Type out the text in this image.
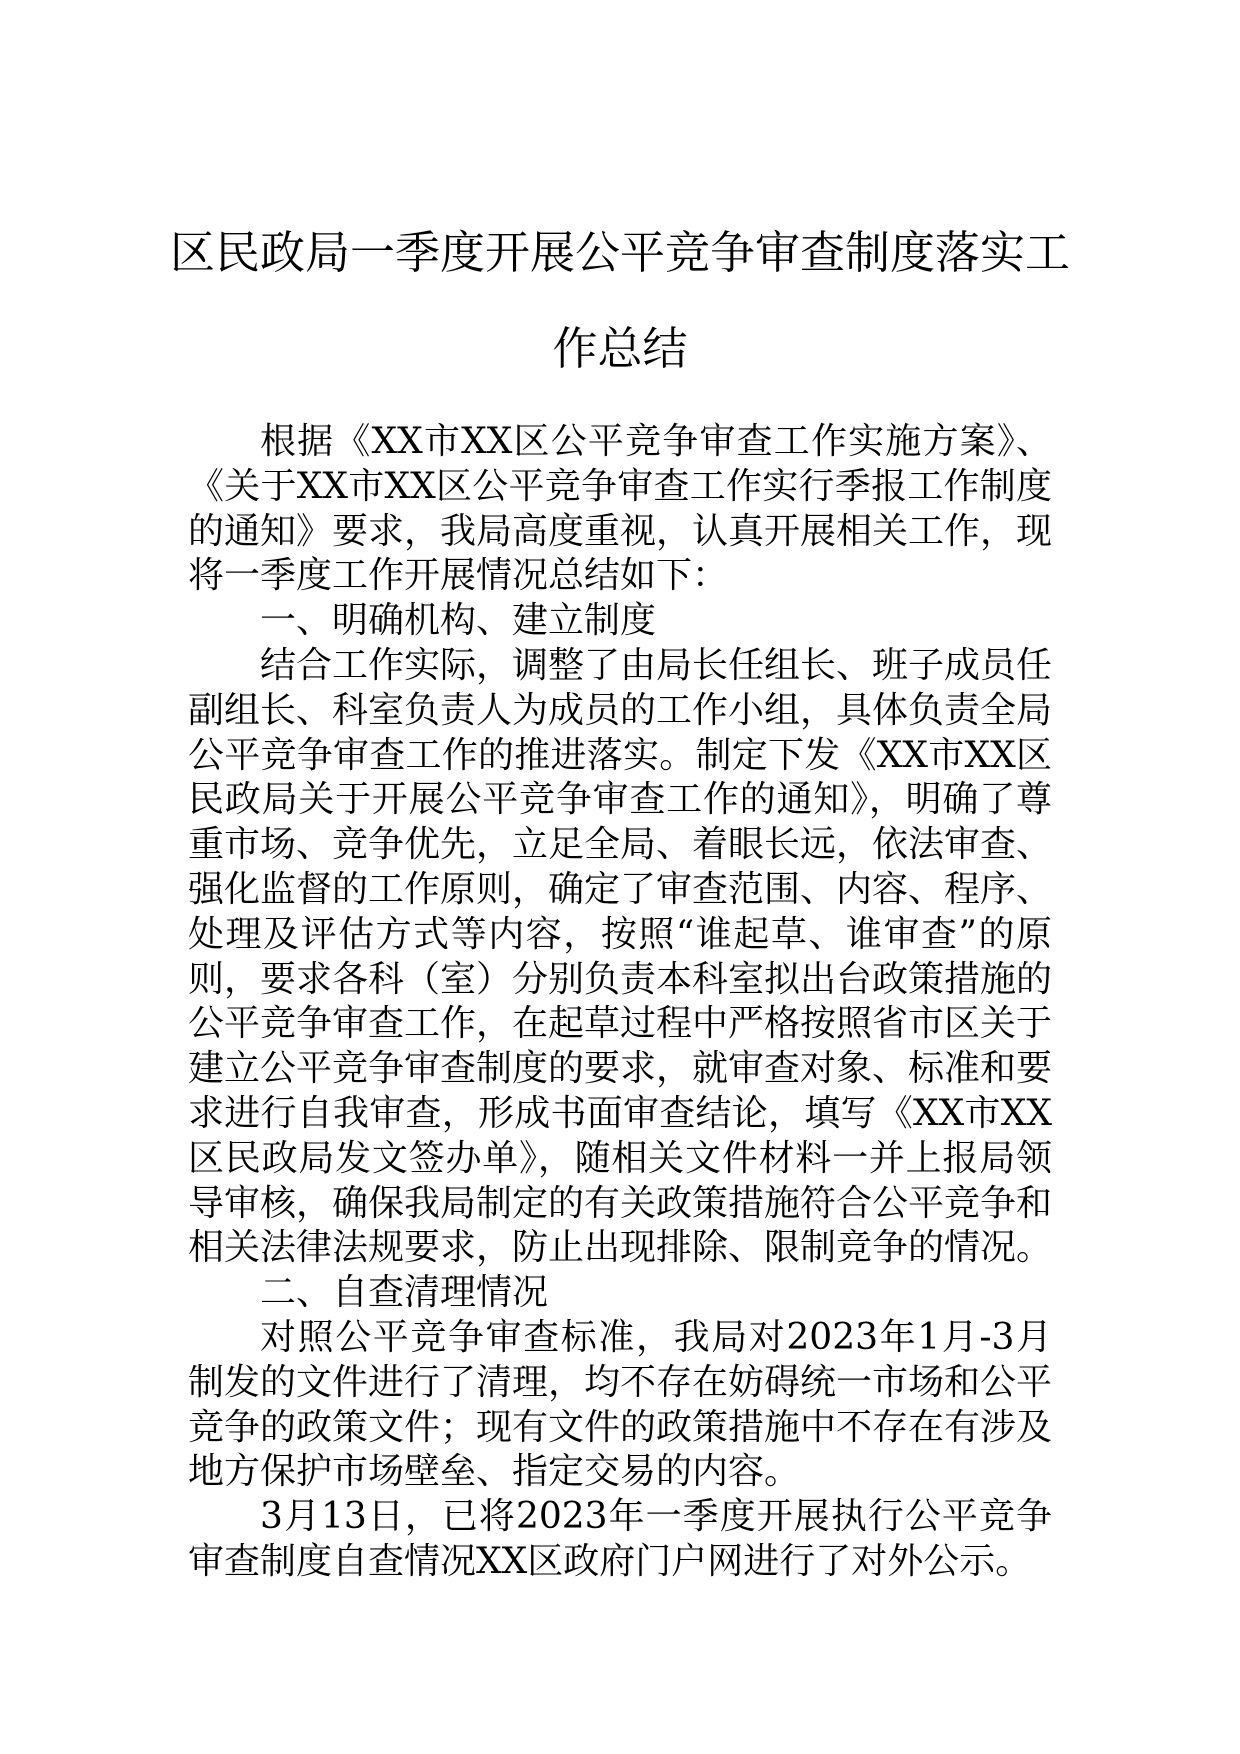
区民政局一季度开展公平竞争审查制度落实工作总结

根据《XX市XX区公平竞争审查工作实施方案》、《关于XX市XX区公平竞争审查工作实行季报工作制度的通知》要求，我局高度重视，认真开展相关工作，现将一季度工作开展情况总结如下：

一、明确机构、建立制度

结合工作实际，调整了由局长任组长、班子成员任副组长、科室负责人为成员的工作小组，具体负责全局公平竞争审查工作的推进落实。制定下发《XX市XX区民政局关于开展公平竞争审查工作的通知》，明确了尊重市场、竞争优先，立足全局、着眼长远，依法审查、强化监督的工作原则，确定了审查范围、内容、程序、处理及评估方式等内容，按照“谁起草、谁审查”的原则，要求各科（室）分别负责本科室拟出台政策措施的公平竞争审查工作，在起草过程中严格按照省市区关于建立公平竞争审查制度的要求，就审查对象、标准和要求进行自我审查，形成书面审查结论，填写《XX市XX区民政局发文签办单》，随相关文件材料一并上报局领导审核，确保我局制定的有关政策措施符合公平竞争和相关法律法规要求，防止出现排除、限制竞争的情况。

二、自查清理情况

对照公平竞争审查标准，我局对2023年1月-3月制发的文件进行了清理，均不存在妨碍统一市场和公平竞争的政策文件；现有文件的政策措施中不存在有涉及地方保护市场壁垒、指定交易的内容。

3月13日，已将2023年一季度开展执行公平竞争审查制度自查情况XX区政府门户网进行了对外公示。
